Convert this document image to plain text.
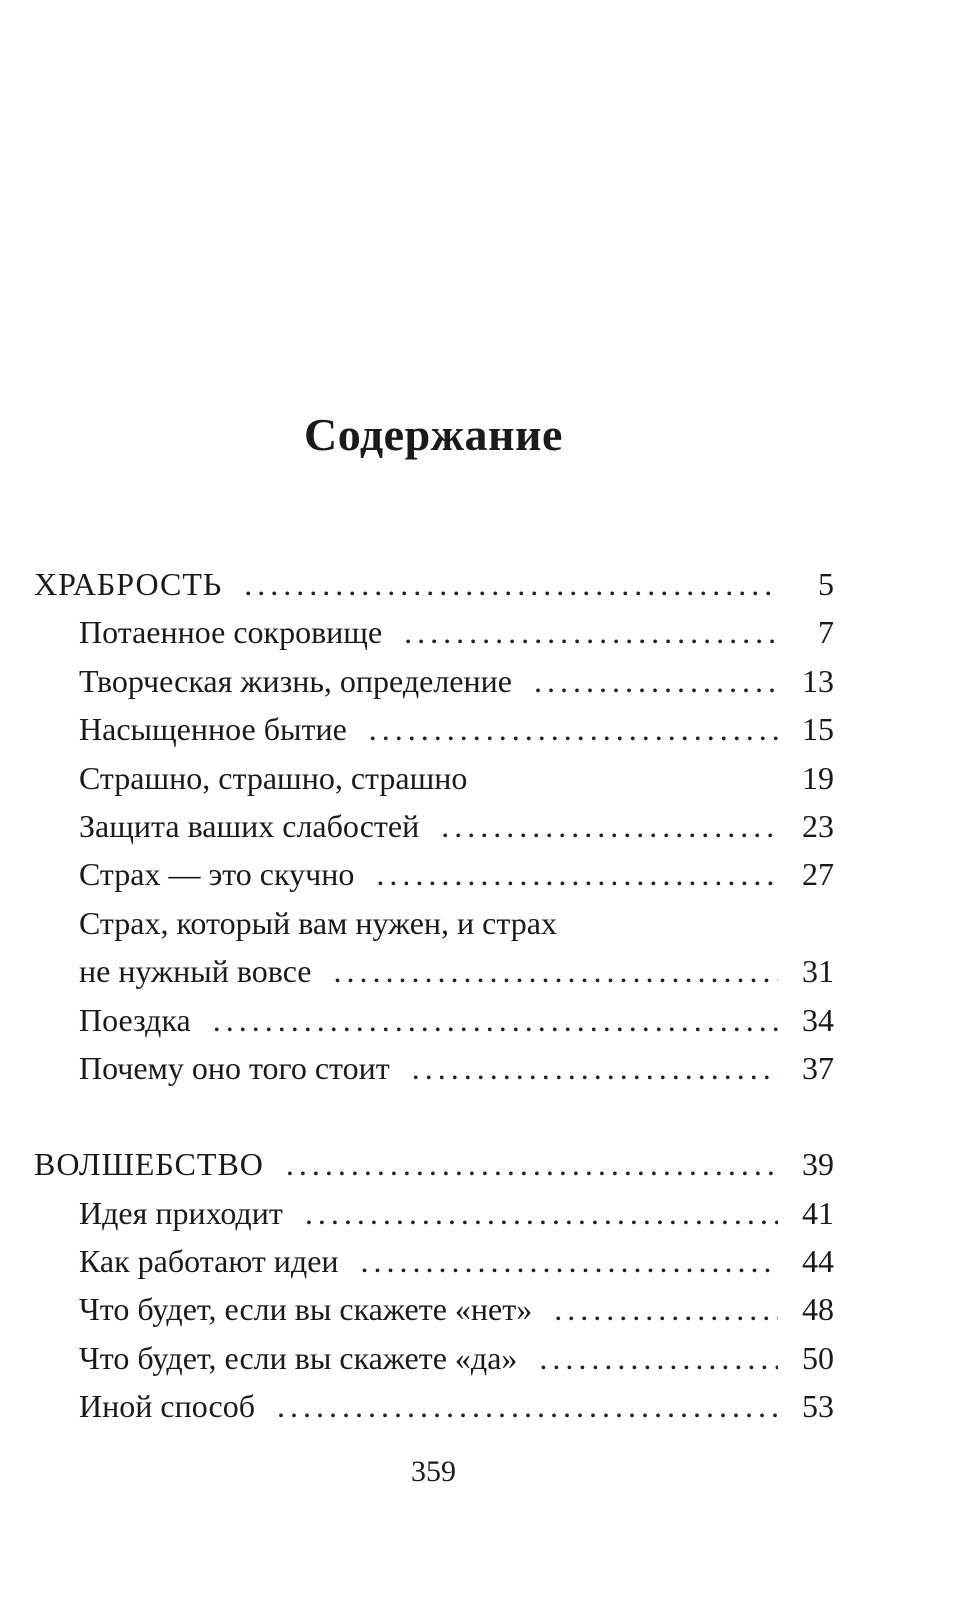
Содержание
ХРАБРОСТЬ .....	5
Потаенное сокровище .....	7
Творческая жизнь, определение .....	13
Насыщенное бытие .....	15
Страшно, страшно, страшно	19
Защита ваших слабостей .....	23
Страх — это скучно .....	27
Страх, который вам нужен, и страх
не нужный вовсе .....	31
Поездка .....	34
Почему оно того стоит .....	37
ВОЛШЕБСТВО .....	39
Идея приходит .....	41
Как работают идеи .....	44
Что будет, если вы скажете «нет» .....	48
Что будет, если вы скажете «да» .....	50
Иной способ .....	53
359
